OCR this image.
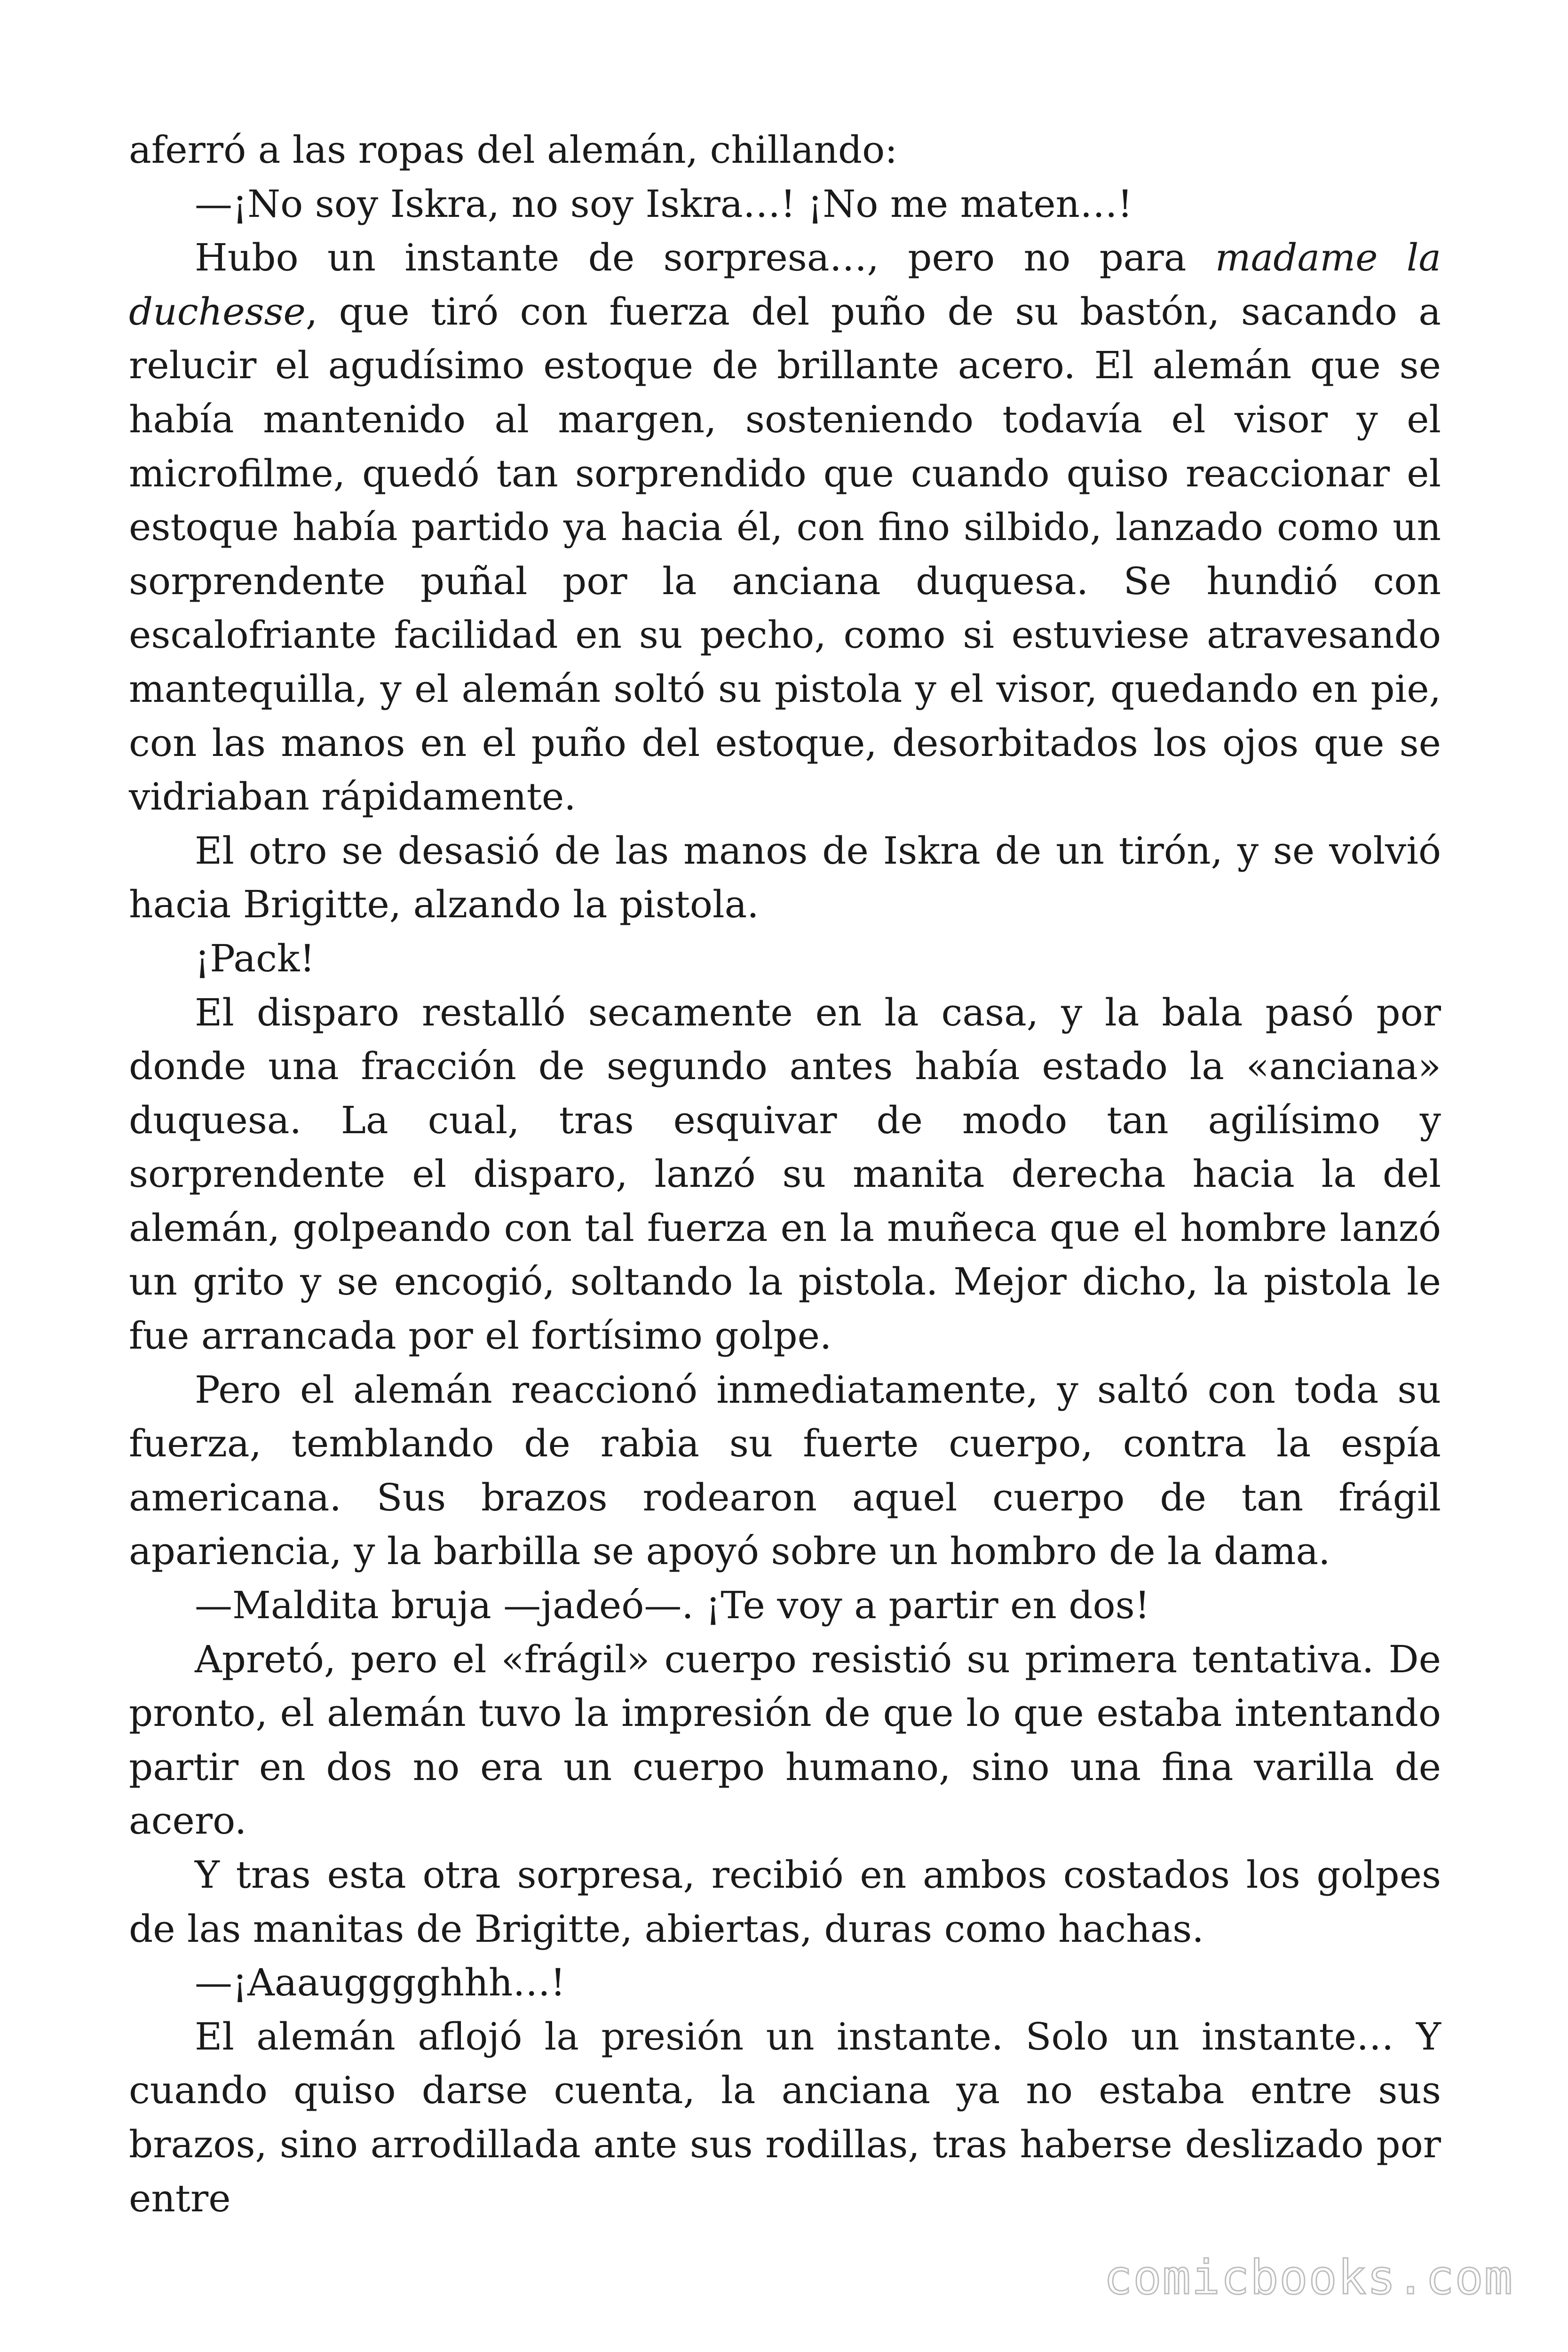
aferró a las ropas del alemán, chillando:

—¡No soy Iskra, no soy Iskra…! ¡No me maten…!

Hubo un instante de sorpresa…, pero no para madame la duchesse, que tiró con fuerza del puño de su bastón, sacando a relucir el agudísimo estoque de brillante acero. El alemán que se había mantenido al margen, sosteniendo todavía el visor y el microfilme, quedó tan sorprendido que cuando quiso reaccionar el estoque había partido ya hacia él, con fino silbido, lanzado como un sorprendente puñal por la anciana duquesa. Se hundió con escalofriante facilidad en su pecho, como si estuviese atravesando mantequilla, y el alemán soltó su pistola y el visor, quedando en pie, con las manos en el puño del estoque, desorbitados los ojos que se vidriaban rápidamente.

El otro se desasió de las manos de Iskra de un tirón, y se volvió hacia Brigitte, alzando la pistola.

¡Pack!

El disparo restalló secamente en la casa, y la bala pasó por donde una fracción de segundo antes había estado la «anciana» duquesa. La cual, tras esquivar de modo tan agilísimo y sorprendente el disparo, lanzó su manita derecha hacia la del alemán, golpeando con tal fuerza en la muñeca que el hombre lanzó un grito y se encogió, soltando la pistola. Mejor dicho, la pistola le fue arrancada por el fortísimo golpe.

Pero el alemán reaccionó inmediatamente, y saltó con toda su fuerza, temblando de rabia su fuerte cuerpo, contra la espía americana. Sus brazos rodearon aquel cuerpo de tan frágil apariencia, y la barbilla se apoyó sobre un hombro de la dama.

—Maldita bruja —jadeó—. ¡Te voy a partir en dos!

Apretó, pero el «frágil» cuerpo resistió su primera tentativa. De pronto, el alemán tuvo la impresión de que lo que estaba intentando partir en dos no era un cuerpo humano, sino una fina varilla de acero.

Y tras esta otra sorpresa, recibió en ambos costados los golpes de las manitas de Brigitte, abiertas, duras como hachas.

—¡Aaaugggghhh…!

El alemán aflojó la presión un instante. Solo un instante… Y cuando quiso darse cuenta, la anciana ya no estaba entre sus brazos, sino arrodillada ante sus rodillas, tras haberse deslizado por entre

comicbooks.com
